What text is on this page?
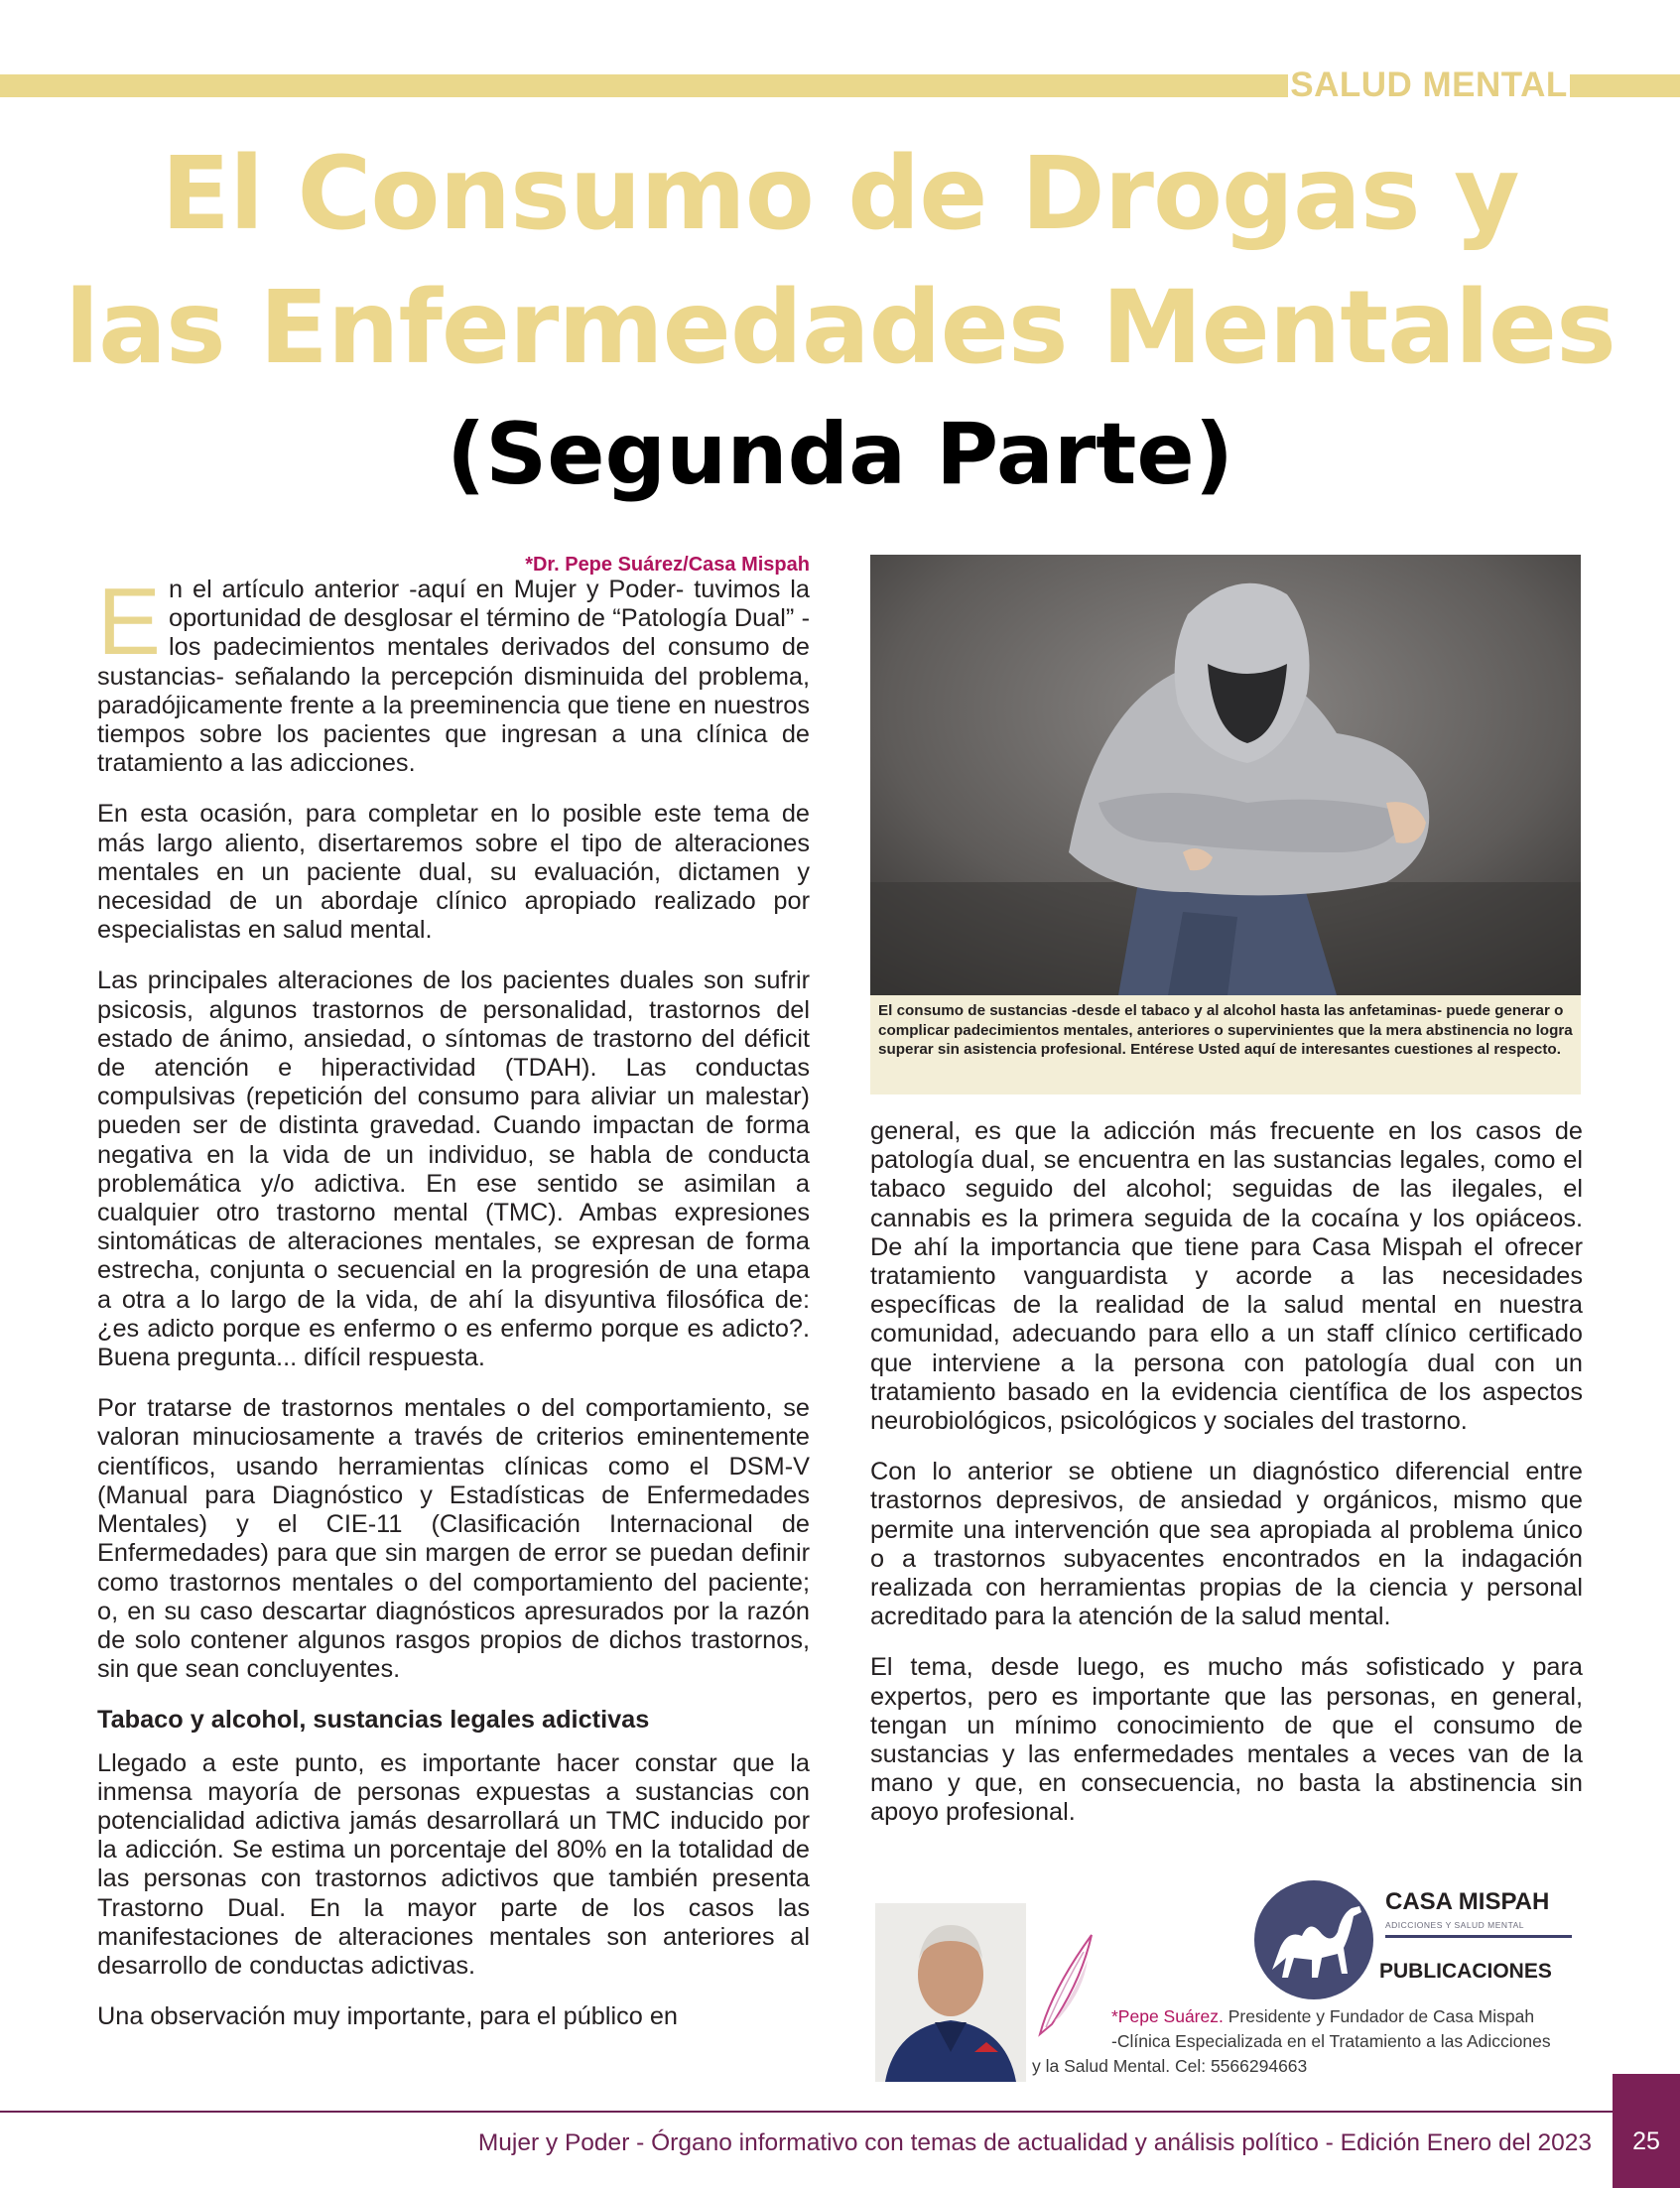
SALUD MENTAL
El Consumo de Drogas y
las Enfermedades Mentales
(Segunda Parte)
*Dr. Pepe Suárez/Casa Mispah

En el artículo anterior -aquí en Mujer y Poder- tuvimos la oportunidad de desglosar el término de “Patología Dual” -los padecimientos mentales derivados del consumo de sustancias- señalando la percepción disminuida del problema, paradójicamente frente a la preeminencia que tiene en nuestros tiempos sobre los pacientes que ingresan a una clínica de tratamiento a las adicciones.

En esta ocasión, para completar en lo posible este tema de más largo aliento, disertaremos sobre el tipo de alteraciones mentales en un paciente dual, su evaluación, dictamen y necesidad de un abordaje clínico apropiado realizado por especialistas en salud mental.

Las principales alteraciones de los pacientes duales son sufrir psicosis, algunos trastornos de personalidad, trastornos del estado de ánimo, ansiedad, o síntomas de trastorno del déficit de atención e hiperactividad (TDAH). Las conductas compulsivas (repetición del consumo para aliviar un malestar) pueden ser de distinta gravedad. Cuando impactan de forma negativa en la vida de un individuo, se habla de conducta problemática y/o adictiva. En ese sentido se asimilan a cualquier otro trastorno mental (TMC). Ambas expresiones sintomáticas de alteraciones mentales, se expresan de forma estrecha, conjunta o secuencial en la progresión de una etapa a otra a lo largo de la vida, de ahí la disyuntiva filosófica de: ¿es adicto porque es enfermo o es enfermo porque es adicto?. Buena pregunta... difícil respuesta.

Por tratarse de trastornos mentales o del comportamiento, se valoran minuciosamente a través de criterios eminentemente científicos, usando herramientas clínicas como el DSM-V (Manual para Diagnóstico y Estadísticas de Enfermedades Mentales) y el CIE-11 (Clasificación Internacional de Enfermedades) para que sin margen de error se puedan definir como trastornos mentales o del comportamiento del paciente; o, en su caso descartar diagnósticos apresurados por la razón de solo contener algunos rasgos propios de dichos trastornos, sin que sean concluyentes.

Tabaco y alcohol, sustancias legales adictivas

Llegado a este punto, es importante hacer constar que la inmensa mayoría de personas expuestas a sustancias con potencialidad adictiva jamás desarrollará un TMC inducido por la adicción. Se estima un porcentaje del 80% en la totalidad de las personas con trastornos adictivos que también presenta Trastorno Dual. En la mayor parte de los casos las manifestaciones de alteraciones mentales son anteriores al desarrollo de conductas adictivas.

Una observación muy importante, para el público en

El consumo de sustancias -desde el tabaco y al alcohol hasta las anfetaminas- puede generar o complicar padecimientos mentales, anteriores o supervinientes que la mera abstinencia no logra superar sin asistencia profesional. Entérese Usted aquí de interesantes cuestiones al respecto.

general, es que la adicción más frecuente en los casos de patología dual, se encuentra en las sustancias legales, como el tabaco seguido del alcohol; seguidas de las ilegales, el cannabis es la primera seguida de la cocaína y los opiáceos. De ahí la importancia que tiene para Casa Mispah el ofrecer tratamiento vanguardista y acorde a las necesidades específicas de la realidad de la salud mental en nuestra comunidad, adecuando para ello a un staff clínico certificado que interviene a la persona con patología dual con un tratamiento basado en la evidencia científica de los aspectos neurobiológicos, psicológicos y sociales del trastorno.

Con lo anterior se obtiene un diagnóstico diferencial entre trastornos depresivos, de ansiedad y orgánicos, mismo que permite una intervención que sea apropiada al problema único o a trastornos subyacentes encontrados en la indagación realizada con herramientas propias de la ciencia y personal acreditado para la atención de la salud mental.

El tema, desde luego, es mucho más sofisticado y para expertos, pero es importante que las personas, en general, tengan un mínimo conocimiento de que el consumo de sustancias y las enfermedades mentales a veces van de la mano y que, en consecuencia, no basta la abstinencia sin apoyo profesional.

CASA MISPAH
ADICCIONES Y SALUD MENTAL
PUBLICACIONES
*Pepe Suárez. Presidente y Fundador de Casa Mispah
-Clínica Especializada en el Tratamiento a las Adicciones
y la Salud Mental. Cel: 5566294663
Mujer y Poder - Órgano informativo con temas de actualidad y análisis político - Edición Enero del 2023	25
